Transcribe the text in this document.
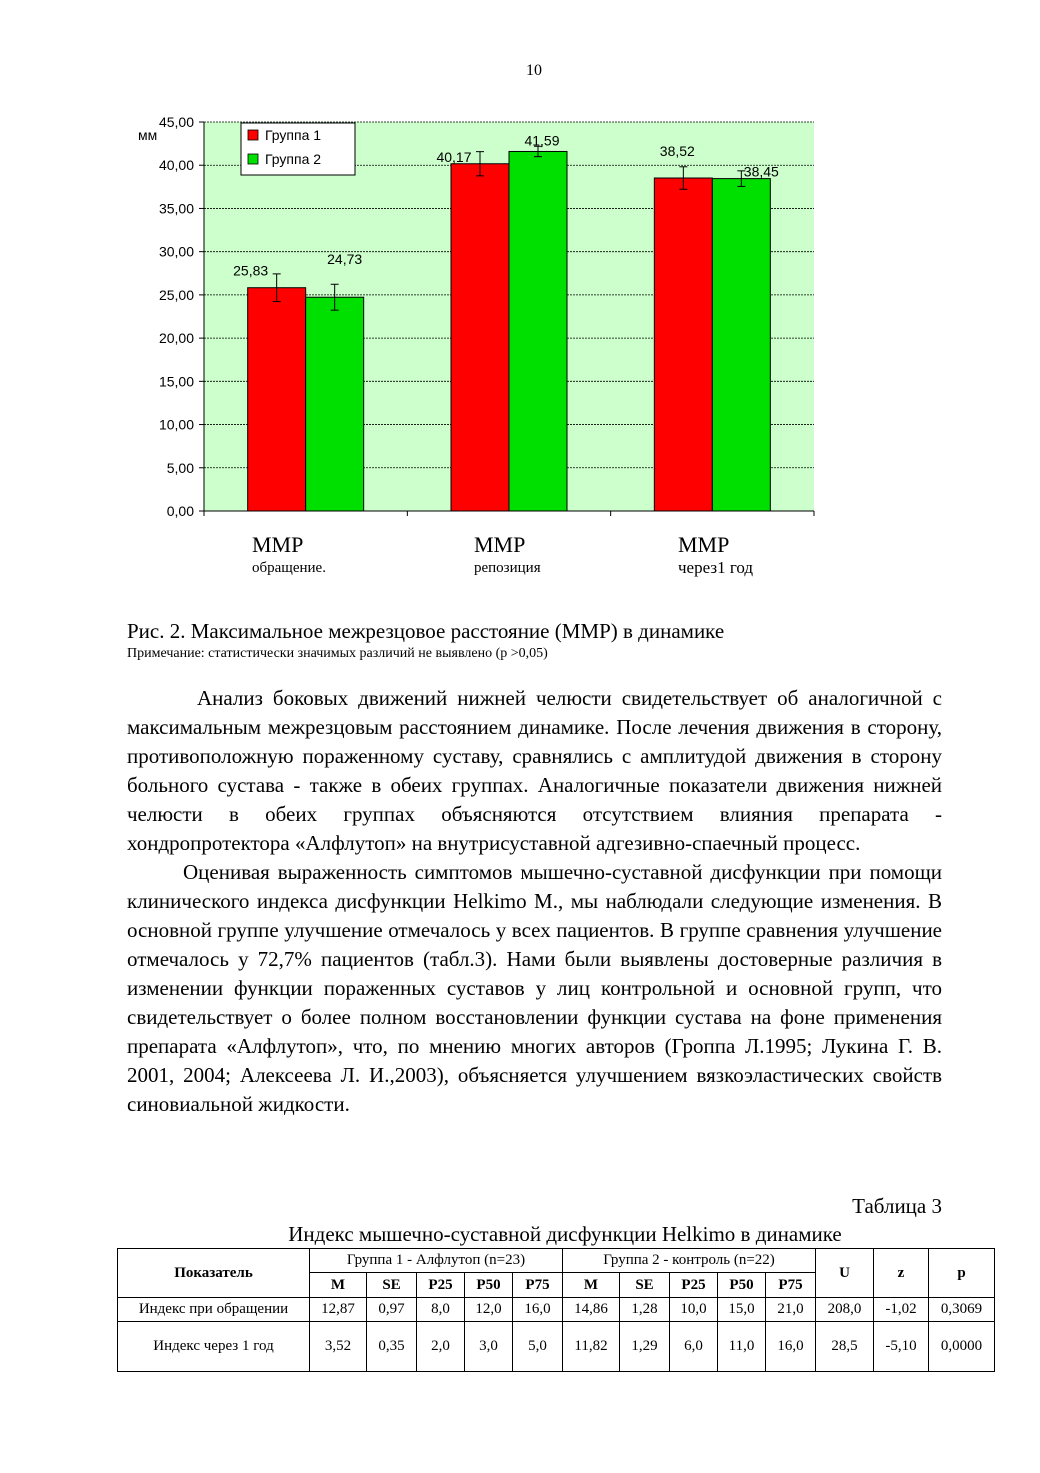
10
0,00
5,00
10,00
15,00
20,00
25,00
30,00
35,00
40,00
45,00
мм
25,83
24,73
40,17
41,59
38,52
38,45
Группа 1
Группа 2
ММР
обращение.
ММР
репозиция
ММР
через1 год
Рис. 2. Максимальное межрезцовое расстояние (ММР) в динамике
Примечание: статистически значимых различий не выявлено (p >0,05)

Анализ боковых движений нижней челюсти свидетельствует об аналогичной с максимальным межрезцовым расстоянием динамике. После лечения движения в сторону, противоположную пораженному суставу, сравнялись с амплитудой движения в сторону больного сустава - также в обеих группах. Аналогичные показатели движения нижней челюсти в обеих группах объясняются отсутствием влияния препарата - хондропротектора «Алфлутоп» на внутрисуставной адгезивно-спаечный процесс.

Оценивая выраженность симптомов мышечно-суставной дисфункции при помощи клинического индекса дисфункции Helkimo M., мы наблюдали следующие изменения. В основной группе улучшение отмечалось у всех пациентов. В группе сравнения улучшение отмечалось у 72,7% пациентов (табл.3). Нами были выявлены достоверные различия в изменении функции пораженных суставов у лиц контрольной и основной групп, что свидетельствует о более полном восстановлении функции сустава на фоне применения препарата «Алфлутоп», что, по мнению многих авторов (Гроппа Л.1995; Лукина Г. В. 2001, 2004; Алексеева Л. И.,2003), объясняется улучшением вязкоэластических свойств синовиальной жидкости.

Таблица 3
Индекс мышечно-суставной дисфункции Helkimo в динамике
Показатель	Группа 1 - Алфлутоп (n=23)					Группа 2 - контроль (n=22)					U	z	p
	M	SE	P25	P50	P75	M	SE	P25	P50	P75			
Индекс при обращении	12,87	0,97	8,0	12,0	16,0	14,86	1,28	10,0	15,0	21,0	208,0	-1,02	0,3069
Индекс через 1 год	3,52	0,35	2,0	3,0	5,0	11,82	1,29	6,0	11,0	16,0	28,5	-5,10	0,0000
